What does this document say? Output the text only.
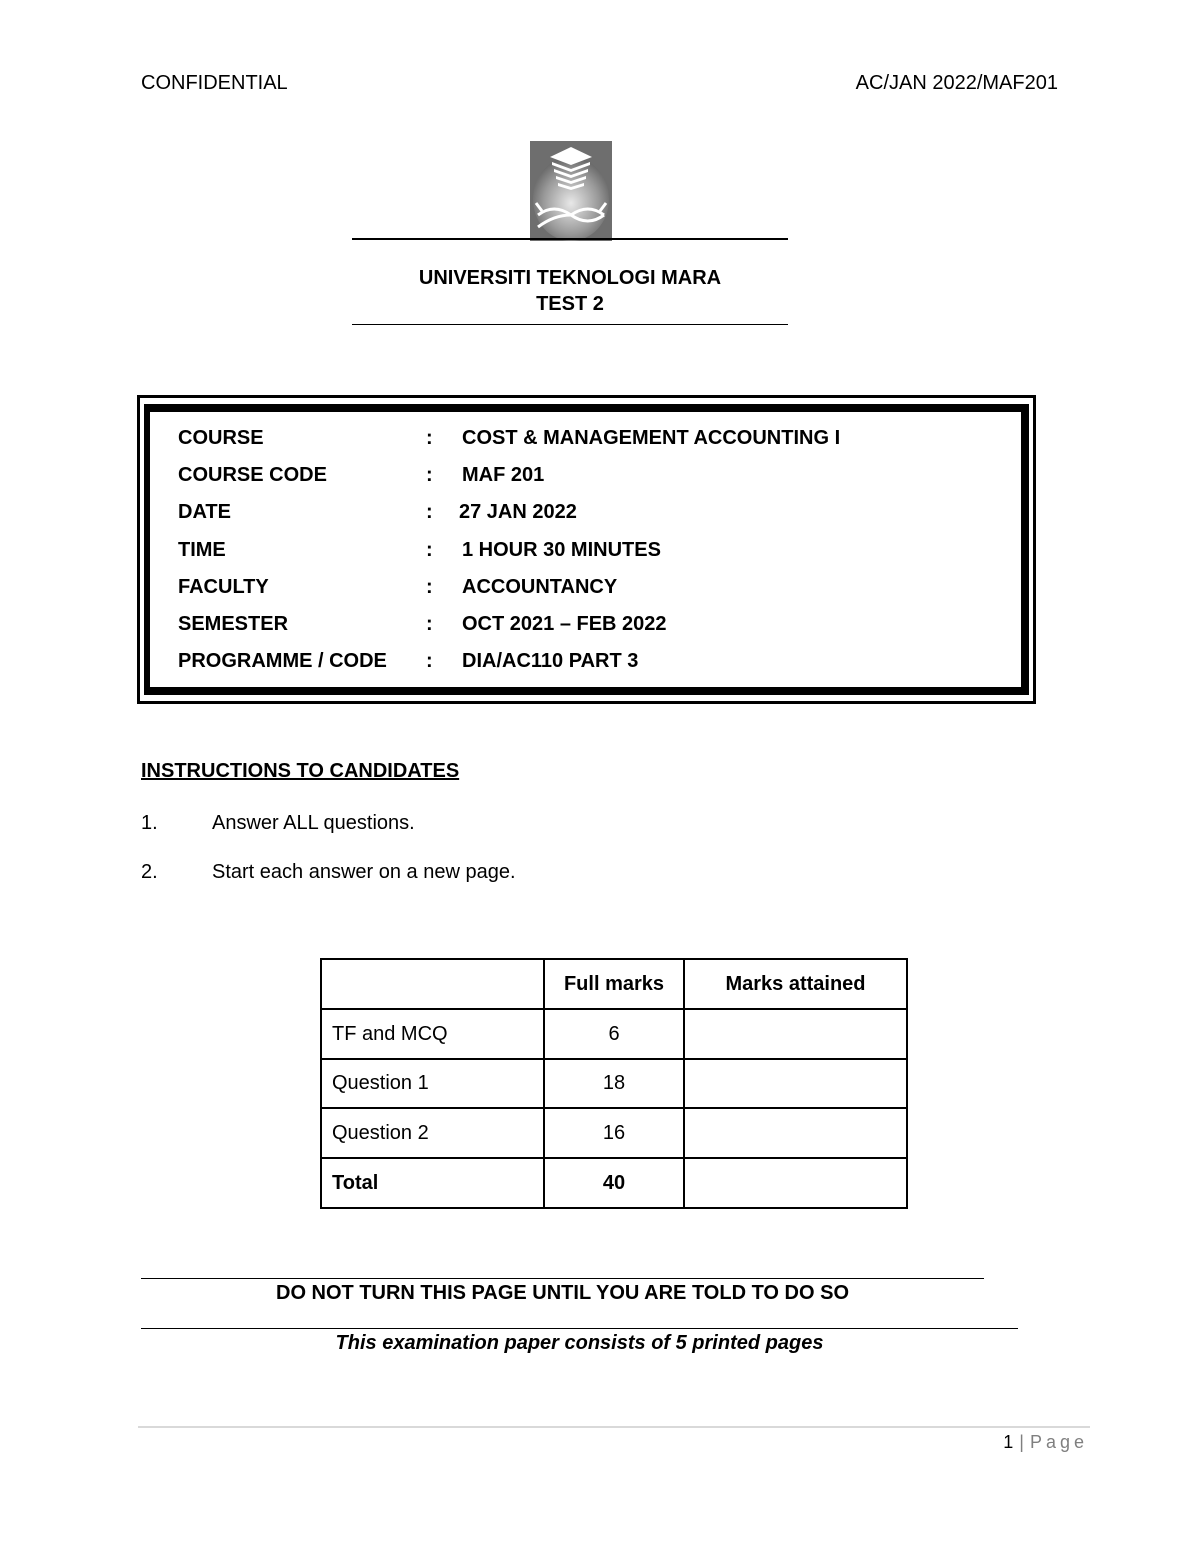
CONFIDENTIAL	AC/JAN 2022/MAF201
UNIVERSITI TEKNOLOGI MARA
TEST 2
COURSE	: COST & MANAGEMENT ACCOUNTING I
COURSE CODE	: MAF 201
DATE	: 27 JAN 2022
TIME	: 1 HOUR 30 MINUTES
FACULTY	: ACCOUNTANCY
SEMESTER	: OCT 2021 – FEB 2022
PROGRAMME / CODE : DIA/AC110 PART 3
INSTRUCTIONS TO CANDIDATES
1.	Answer ALL questions.
2.	Start each answer on a new page.
	Full marks	Marks attained
TF and MCQ	6	
Question 1	18	
Question 2	16	
Total	40	
DO NOT TURN THIS PAGE UNTIL YOU ARE TOLD TO DO SO
This examination paper consists of 5 printed pages
1 | Page
